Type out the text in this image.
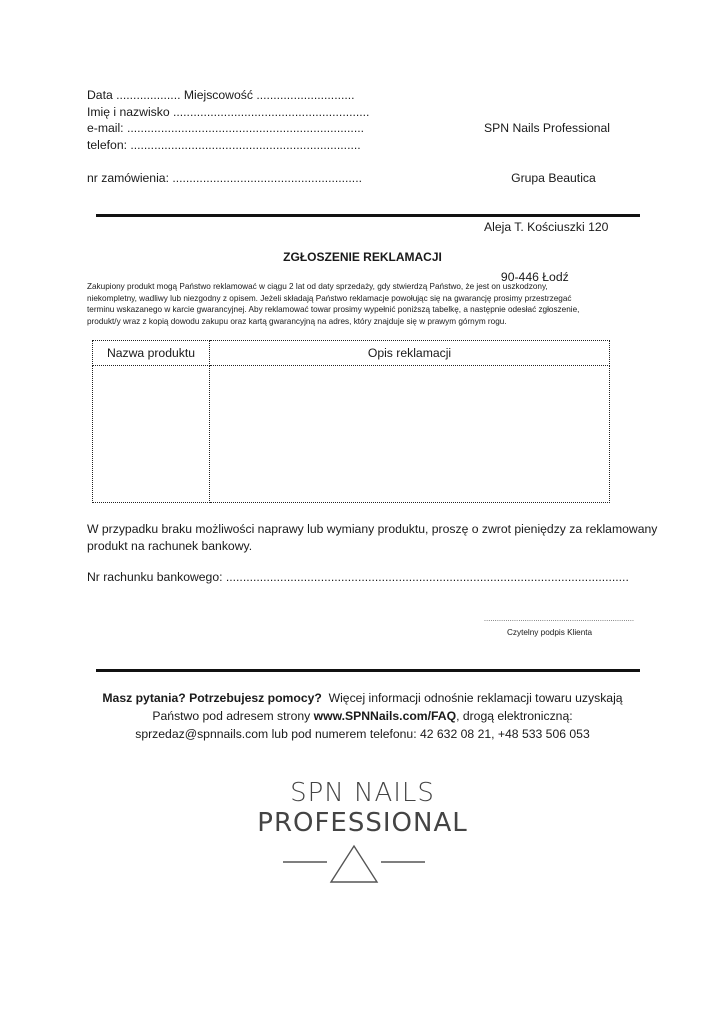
Data ................... Miejscowość .............................
Imię i nazwisko ..........................................................
e-mail: ......................................................................
telefon: ....................................................................
nr zamówienia: ........................................................

SPN Nails Professional

Grupa Beautica

Aleja T. Kościuszki 120

90-446 Łodź

ZGŁOSZENIE REKLAMACJI
Zakupiony produkt mogą Państwo reklamować w ciągu 2 lat od daty sprzedaży, gdy stwierdzą Państwo, że jest on uszkodzony,
niekompletny, wadliwy lub niezgodny z opisem. Jeżeli składają Państwo reklamacje powołując się na gwarancję prosimy przestrzegać
terminu wskazanego w karcie gwarancyjnej. Aby reklamować towar prosimy wypełnić poniższą tabelkę, a następnie odesłać zgłoszenie,
produkt/y wraz z kopią dowodu zakupu oraz kartą gwarancyjną na adres, który znajduje się w prawym górnym rogu.
Nazwa produktu	Opis reklamacji

W przypadku braku możliwości naprawy lub wymiany produktu, proszę o zwrot pieniędzy za reklamowany
produkt na rachunek bankowy.
Nr rachunku bankowego: .......................................................................................................................
......................................................................
Czytelny podpis Klienta
Masz pytania? Potrzebujesz pomocy?  Więcej informacji odnośnie reklamacji towaru uzyskają
Państwo pod adresem strony www.SPNNails.com/FAQ, drogą elektroniczną:
sprzedaz@spnnails.com lub pod numerem telefonu: 42 632 08 21, +48 533 506 053
SPN NAILS
PROFESSIONAL
